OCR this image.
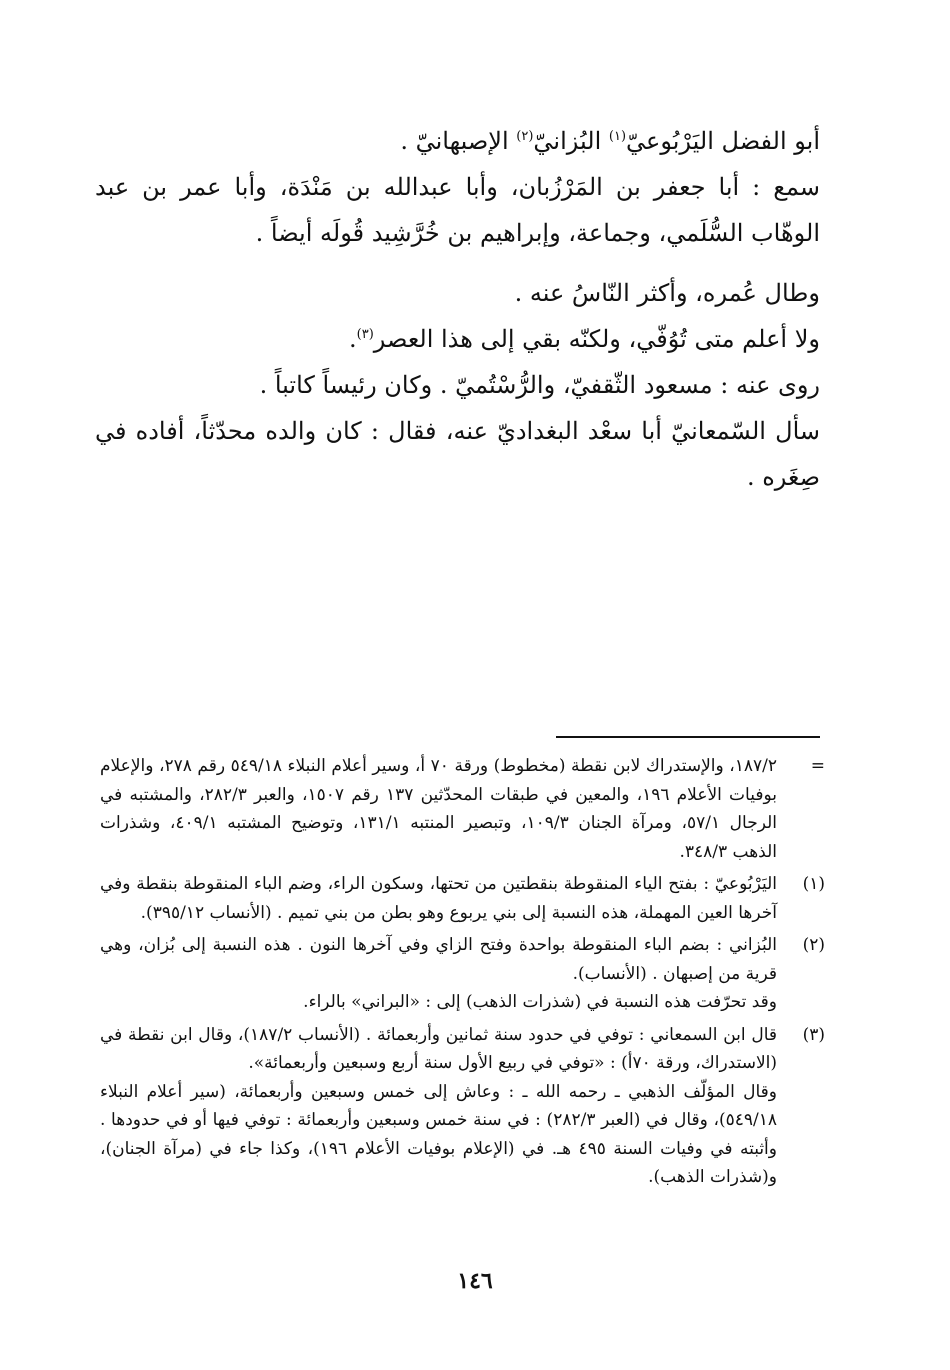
أبو الفضل اليَرْبُوعيّ$^{(١)}$ البُزانيّ$^{(٢)}$ الإصبهانيّ .

سمع : أبا جعفر بن المَرْزُبان، وأبا عبدالله بن مَنْدَة، وأبا عمر بن عبد الوهّاب السُّلَمي، وجماعة، وإبراهيم بن خُرَّشِيد قُولَه أيضاً .

وطال عُمره، وأكثر النّاسُ عنه .

ولا أعلم متى تُوُفّي، ولكنّه بقي إلى هذا العصر$^{(٣)}$.

روى عنه : مسعود الثّقفيّ، والرُّسْتُميّ . وكان رئيساً كاتباً .

سأل السّمعانيّ أبا سعْد البغداديّ عنه، فقال : كان والده محدّثاً، أفاده في صِغَره .

=
١٨٧/٢، والإستدراك لابن نقطة (مخطوط) ورقة ٧٠ أ، وسير أعلام النبلاء ٥٤٩/١٨ رقم ٢٧٨، والإعلام بوفيات الأعلام ١٩٦، والمعين في طبقات المحدّثين ١٣٧ رقم ١٥٠٧، والعبر ٢٨٢/٣، والمشتبه في الرجال ٥٧/١، ومرآة الجنان ١٠٩/٣، وتبصير المنتبه ١٣١/١، وتوضيح المشتبه ٤٠٩/١، وشذرات الذهب ٣٤٨/٣.
(١)
اليَرْبُوعيّ : بفتح الياء المنقوطة بنقطتين من تحتها، وسكون الراء، وضم الباء المنقوطة بنقطة وفي آخرها العين المهملة، هذه النسبة إلى بني يربوع وهو بطن من بني تميم . (الأنساب ٣٩٥/١٢).
(٢)

البُزاني : بضم الباء المنقوطة بواحدة وفتح الزاي وفي آخرها النون . هذه النسبة إلى بُزان، وهي قرية من إصبهان . (الأنساب).

وقد تحرّفت هذه النسبة في (شذرات الذهب) إلى : «البراني» بالراء.

(٣)

قال ابن السمعاني : توفي في حدود سنة ثمانين وأربعمائة . (الأنساب ١٨٧/٢)، وقال ابن نقطة في (الاستدراك، ورقة ٧٠أ) : «توفي في ربيع الأول سنة أربع وسبعين وأربعمائة».

وقال المؤلّف الذهبي ـ رحمه الله ـ : وعاش إلى خمس وسبعين وأربعمائة، (سير أعلام النبلاء ٥٤٩/١٨)، وقال في (العبر ٢٨٢/٣) : في سنة خمس وسبعين وأربعمائة : توفي فيها أو في حدودها . وأثبته في وفيات السنة ٤٩٥ هـ. في (الإعلام بوفيات الأعلام ١٩٦)، وكذا جاء في (مرآة الجنان)، و(شذرات الذهب).

١٤٦
